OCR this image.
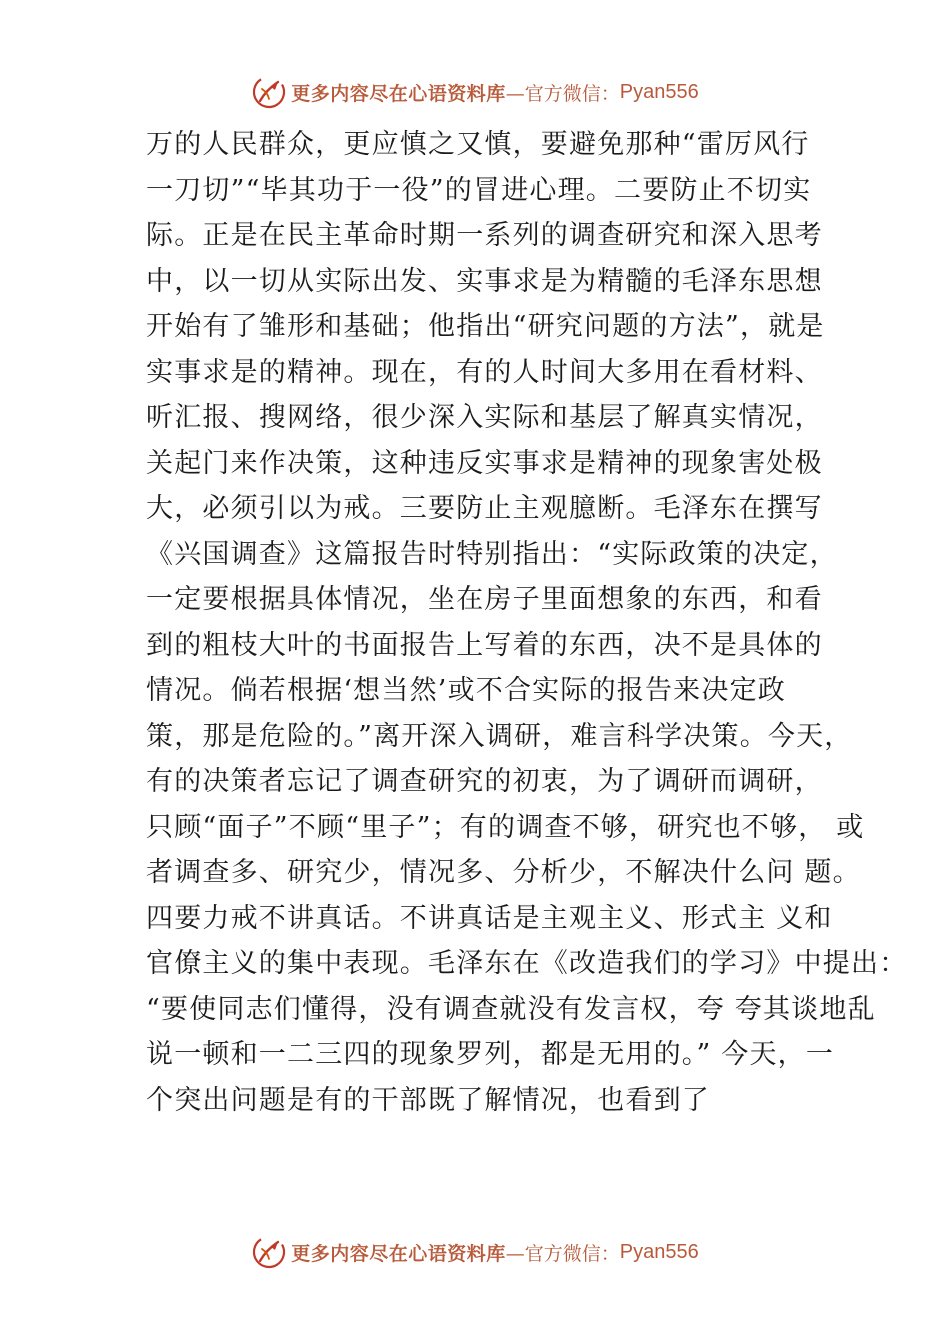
更多内容尽在心语资料库 —官方微信： Pyan556
万的人民群众，更应慎之又慎，要避免那种“雷厉风行
一刀切”“毕其功于一役”的冒进心理。二要防止不切实
际。正是在民主革命时期一系列的调查研究和深入思考
中，以一切从实际出发、实事求是为精髓的毛泽东思想
开始有了雏形和基础；他指出“研究问题的方法”，就是
实事求是的精神。现在，有的人时间大多用在看材料、
听汇报、搜网络，很少深入实际和基层了解真实情况，
关起门来作决策，这种违反实事求是精神的现象害处极
大，必须引以为戒。三要防止主观臆断。毛泽东在撰写
《兴国调查》这篇报告时特别指出：“实际政策的决定，
一定要根据具体情况，坐在房子里面想象的东西，和看
到的粗枝大叶的书面报告上写着的东西，决不是具体的
情况。倘若根据‘想当然’或不合实际的报告来决定政
策，那是危险的。”离开深入调研，难言科学决策。今天，
有的决策者忘记了调查研究的初衷，为了调研而调研，
只顾“面子”不顾“里子”；有的调查不够，研究也不够， 或
者调查多、研究少，情况多、分析少，不解决什么问 题。
四要力戒不讲真话。不讲真话是主观主义、形式主 义和
官僚主义的集中表现。毛泽东在《改造我们的学习》中提出：
“要使同志们懂得，没有调查就没有发言权，夸 夸其谈地乱
说一顿和一二三四的现象罗列，都是无用的。” 今天，一
个突出问题是有的干部既了解情况，也看到了
更多内容尽在心语资料库 —官方微信： Pyan556
